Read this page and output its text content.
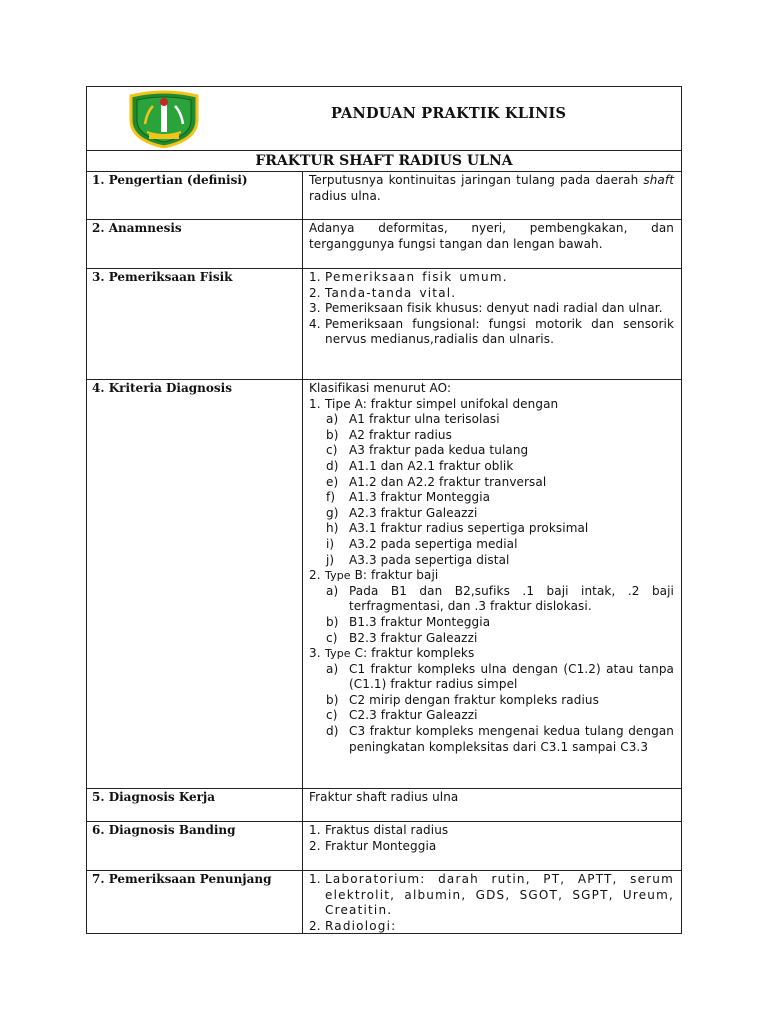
PANDUAN PRAKTIK KLINIS
FRAKTUR SHAFT RADIUS ULNA
1. Pengertian (definisi)	Terputusnya kontinuitas jaringan tulang pada daerah shaft radius ulna.
2. Anamnesis	Adanya deformitas, nyeri, pembengkakan, dan terganggunya fungsi tangan dan lengan bawah.
3. Pemeriksaan Fisik	1. Pemeriksaan fisik umum.
2. Tanda-tanda vital.
3. Pemeriksaan fisik khusus: denyut nadi radial dan ulnar.
4. Pemeriksaan fungsional: fungsi motorik dan sensorik nervus medianus,radialis dan ulnaris.
4. Kriteria Diagnosis	Klasifikasi menurut AO:
1. Tipe A: fraktur simpel unifokal dengan
a) A1 fraktur ulna terisolasi
b) A2 fraktur radius
c) A3 fraktur pada kedua tulang
d) A1.1 dan A2.1 fraktur oblik
e) A1.2 dan A2.2 fraktur tranversal
f) A1.3 fraktur Monteggia
g) A2.3 fraktur Galeazzi
h) A3.1 fraktur radius sepertiga proksimal
i) A3.2 pada sepertiga medial
j) A3.3 pada sepertiga distal
2. Type B: fraktur baji
a) Pada B1 dan B2,sufiks .1 baji intak, .2 baji terfragmentasi, dan .3 fraktur dislokasi.
b) B1.3 fraktur Monteggia
c) B2.3 fraktur Galeazzi
3. Type C: fraktur kompleks
a) C1 fraktur kompleks ulna dengan (C1.2) atau tanpa (C1.1) fraktur radius simpel
b) C2 mirip dengan fraktur kompleks radius
c) C2.3 fraktur Galeazzi
d) C3 fraktur kompleks mengenai kedua tulang dengan peningkatan kompleksitas dari C3.1 sampai C3.3
5. Diagnosis Kerja	Fraktur shaft radius ulna
6. Diagnosis Banding	1. Fraktus distal radius
2. Fraktur Monteggia
7. Pemeriksaan Penunjang	1. Laboratorium: darah rutin, PT, APTT, serum elektrolit, albumin, GDS, SGOT, SGPT, Ureum, Creatitin.
2. Radiologi:
